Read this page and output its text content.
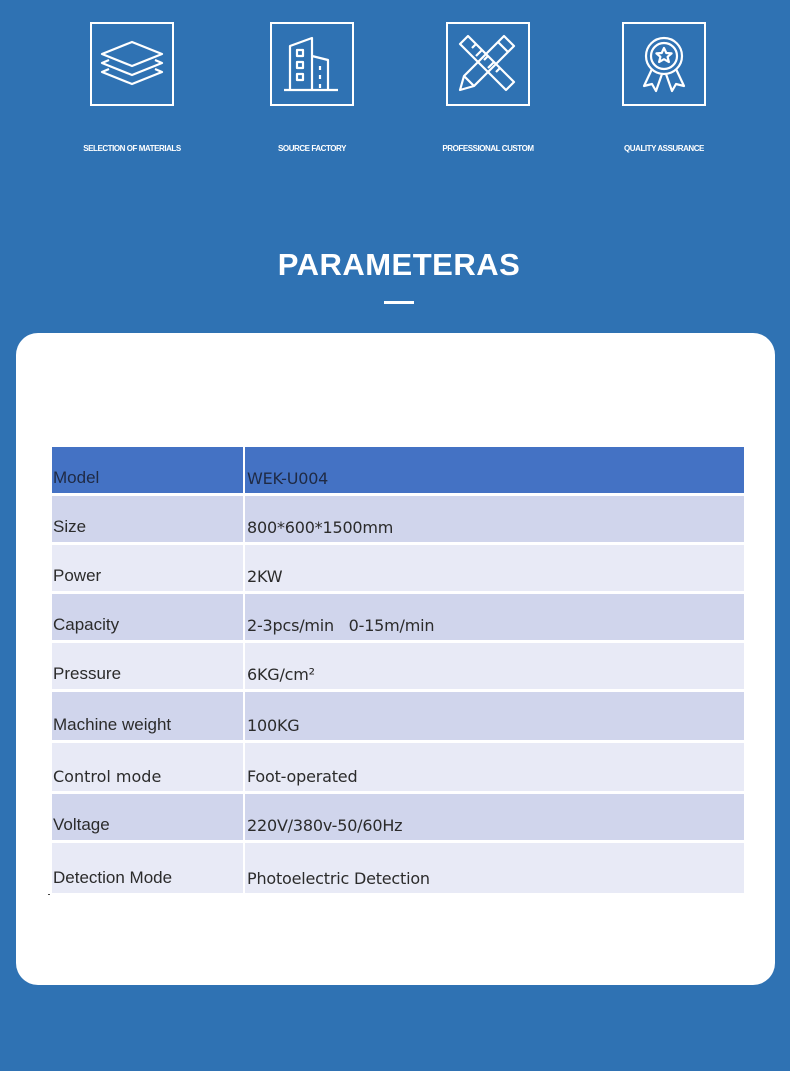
SELECTION OF MATERIALS	SOURCE FACTORY	PROFESSIONAL CUSTOM	QUALITY ASSURANCE
PARAMETERAS
Model	WEK-U004
Size	800*600*1500mm
Power	2KW
Capacity	2-3pcs/min   0-15m/min
Pressure	6KG/cm²
Machine weight	100KG
Control mode	Foot-operated
Voltage	220V/380v-50/60Hz
Detection Mode	Photoelectric Detection
